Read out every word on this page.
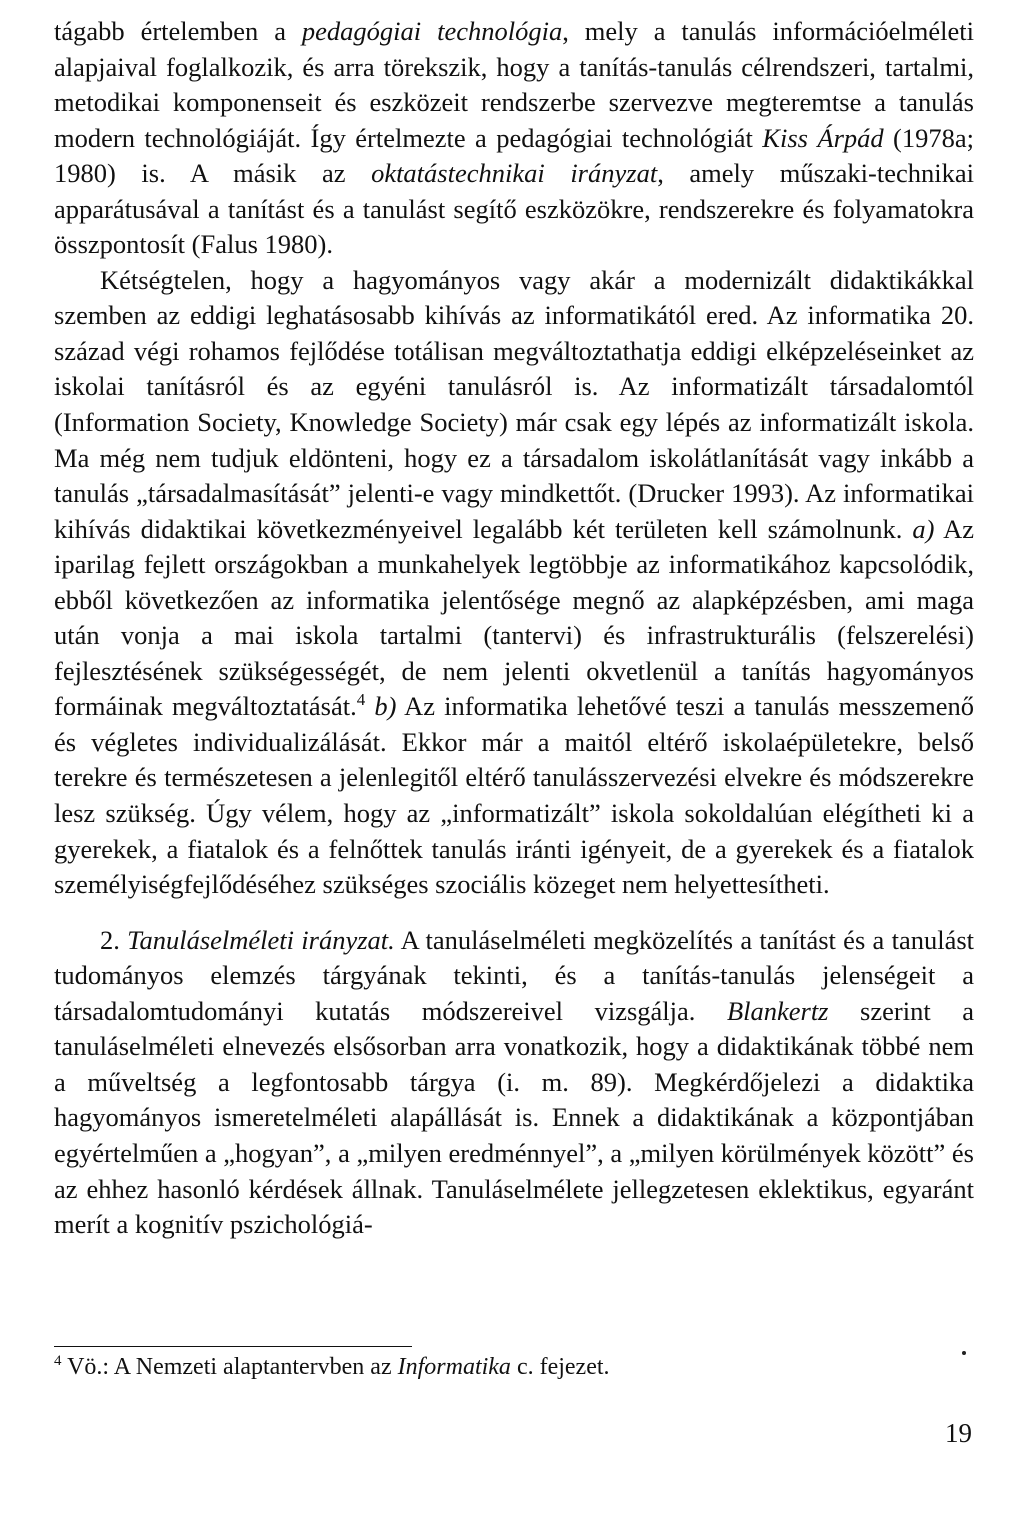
tágabb értelemben a pedagógiai technológia, mely a tanulás információelméleti alapjaival foglalkozik, és arra törekszik, hogy a tanítás-tanulás célrendszeri, tartalmi, metodikai komponenseit és eszközeit rendszerbe szervezve megteremtse a tanulás modern technológiáját. Így értelmezte a pedagógiai technológiát Kiss Árpád (1978a; 1980) is. A másik az oktatástechnikai irányzat, amely műszaki-technikai apparátusával a tanítást és a tanulást segítő eszközökre, rendszerekre és folyamatokra összpontosít (Falus 1980).

Kétségtelen, hogy a hagyományos vagy akár a modernizált didaktikákkal szemben az eddigi leghatásosabb kihívás az informatikától ered. Az informatika 20. század végi rohamos fejlődése totálisan megváltoztathatja eddigi elképzeléseinket az iskolai tanításról és az egyéni tanulásról is. Az informatizált társadalomtól (Information Society, Knowledge Society) már csak egy lépés az informatizált iskola. Ma még nem tudjuk eldönteni, hogy ez a társadalom iskolátlanítását vagy inkább a tanulás „társadalmasítását” jelenti-e vagy mindkettőt. (Drucker 1993). Az informatikai kihívás didaktikai következményeivel legalább két területen kell számolnunk. a) Az iparilag fejlett országokban a munkahelyek legtöbbje az informatikához kapcsolódik, ebből következően az informatika jelentősége megnő az alapképzésben, ami maga után vonja a mai iskola tartalmi (tantervi) és infrastrukturális (felszerelési) fejlesztésének szükségességét, de nem jelenti okvetlenül a tanítás hagyományos formáinak megváltoztatását.$^4$ b) Az informatika lehetővé teszi a tanulás messzemenő és végletes individualizálását. Ekkor már a maitól eltérő iskolaépületekre, belső terekre és természetesen a jelenlegitől eltérő tanulásszervezési elvekre és módszerekre lesz szükség. Úgy vélem, hogy az „informatizált” iskola sokoldalúan elégítheti ki a gyerekek, a fiatalok és a felnőttek tanulás iránti igényeit, de a gyerekek és a fiatalok személyiségfejlődéséhez szükséges szociális közeget nem helyettesítheti.

2. Tanuláselméleti irányzat. A tanuláselméleti megközelítés a tanítást és a tanulást tudományos elemzés tárgyának tekinti, és a tanítás-tanulás jelenségeit a társadalomtudományi kutatás módszereivel vizsgálja. Blankertz szerint a tanuláselméleti elnevezés elsősorban arra vonatkozik, hogy a didaktikának többé nem a műveltség a legfontosabb tárgya (i. m. 89). Megkérdőjelezi a didaktika hagyományos ismeretelméleti alapállását is. Ennek a didaktikának a központjában egyértelműen a „hogyan”, a „milyen eredménnyel”, a „milyen körülmények között” és az ehhez hasonló kérdések állnak. Tanuláselmélete jellegzetesen eklektikus, egyaránt merít a kognitív pszichológiá-

$^4$ Vö.: A Nemzeti alaptantervben az Informatika c. fejezet.

19
